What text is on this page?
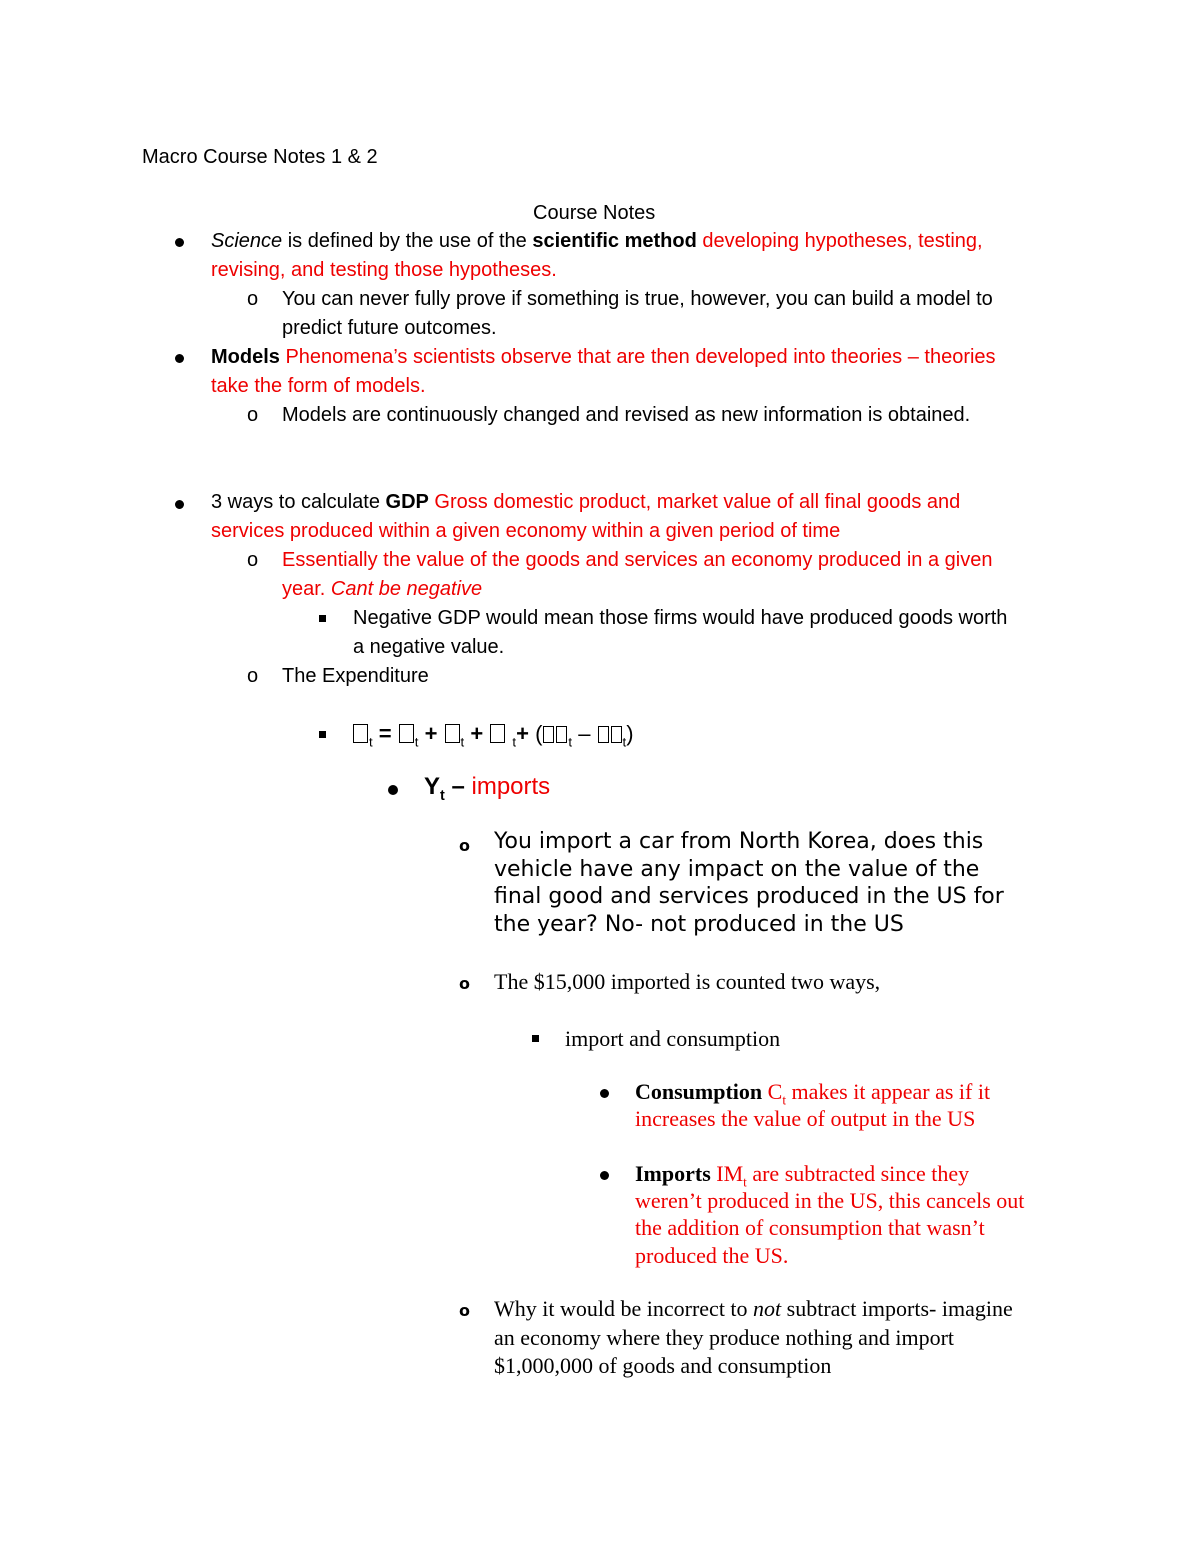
Macro Course Notes 1 & 2
Course Notes
Science is defined by the use of the scientific method developing hypotheses, testing,
revising, and testing those hypotheses.
o You can never fully prove if something is true, however, you can build a model to
predict future outcomes.
Models Phenomena’s scientists observe that are then developed into theories – theories
take the form of models.
o Models are continuously changed and revised as new information is obtained.
3 ways to calculate GDP Gross domestic product, market value of all final goods and
services produced within a given economy within a given period of time
o Essentially the value of the goods and services an economy produced in a given
year. Cant be negative
Negative GDP would mean those firms would have produced goods worth
a negative value.
o The Expenditure
$_t$ = $_t$ + $_t$ +  $_t$+ ( $_t$ – $_t$)
$Y_t$ – imports
o You import a car from North Korea, does this
vehicle have any impact on the value of the
final good and services produced in the US for
the year? No- not produced in the US
o The $15,000 imported is counted two ways,
import and consumption
Consumption $C_t$ makes it appear as if it
increases the value of output in the US
Imports $IM_t$ are subtracted since they
weren’t produced in the US, this cancels out
the addition of consumption that wasn’t
produced the US.
o Why it would be incorrect to not subtract imports- imagine
an economy where they produce nothing and import
$1,000,000 of goods and consumption
